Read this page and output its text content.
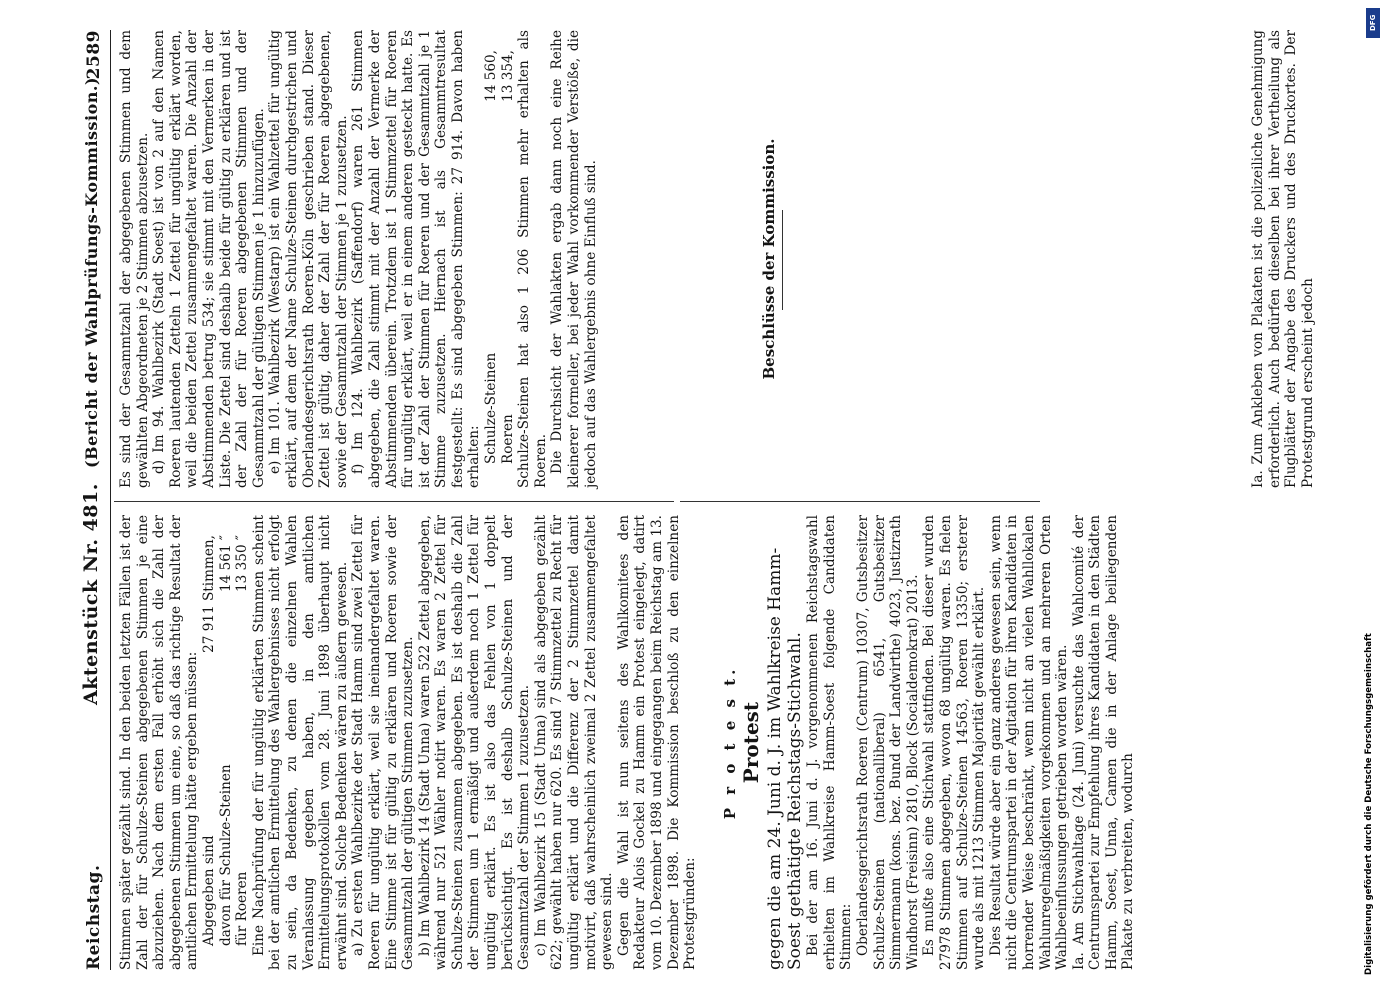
Reichstag.
Aktenstück Nr. 481. (Bericht der Wahlprüfungs-Kommission.)
2589

Stimmen später gezählt sind. In den beiden letzten Fällen ist der Zahl der für Schulze-Steinen abgegebenen Stimmen je eine abzuziehen. Nach dem ersten Fall erhöht sich die Zahl der abgegebenen Stimmen um eine, so daß das richtige Resultat der amtlichen Ermittelung hätte ergeben müssen: Abgegeben sind
27 911 Stimmen,
davon für Schulze-Steinen
14 561 ″
für Roeren
13 350 ″ Eine Nachprüfung der für ungültig erklärten Stimmen scheint bei der amtlichen Ermittelung des Wahlergebnisses nicht erfolgt zu sein, da Bedenken, zu denen die einzelnen Wahlen Veranlassung gegeben haben, in den amtlichen Ermittelungsprotokollen vom 28. Juni 1898 überhaupt nicht erwähnt sind. Solche Bedenken wären zu äußern gewesen. a) Zu ersten Wahlbezirke der Stadt Hamm sind zwei Zettel für Roeren für ungültig erklärt, weil sie ineinandergefaltet waren. Eine Stimme ist für gültig zu erklären und Roeren sowie der Gesammtzahl der gültigen Stimmen zuzusetzen. b) Im Wahlbezirk 14 (Stadt Unna) waren 522 Zettel abgegeben, während nur 521 Wähler notirt waren. Es waren 2 Zettel für Schulze-Steinen zusammen abgegeben. Es ist deshalb die Zahl der Stimmen um 1 ermäßigt und außerdem noch 1 Zettel für ungültig erklärt. Es ist also das Fehlen von 1 doppelt berücksichtigt. Es ist deshalb Schulze-Steinen und der Gesammtzahl der Stimmen 1 zuzusetzen. c) Im Wahlbezirk 15 (Stadt Unna) sind als abgegeben gezählt 622; gewählt haben nur 620. Es sind 7 Stimmzettel zu Recht für ungültig erklärt und die Differenz der 2 Stimmzettel damit motivirt, daß wahrscheinlich zweimal 2 Zettel zusammengefaltet gewesen sind. Gegen die Wahl ist nun seitens des Wahlkomitees den Redakteur Alois Gockel zu Hamm ein Protest eingelegt, datirt vom 10. Dezember 1898 und eingegangen beim Reichstag am 13. Dezember 1898. Die Kommission beschloß zu den einzelnen Protestgründen:

Es sind der Gesammtzahl der abgegebenen Stimmen und dem gewählten Abgeordneten je 2 Stimmen abzusetzen. d) Im 94. Wahlbezirk (Stadt Soest) ist von 2 auf den Namen Roeren lautenden Zetteln 1 Zettel für ungültig erklärt worden, weil die beiden Zettel zusammengefaltet waren. Die Anzahl der Abstimmenden betrug 534; sie stimmt mit den Vermerken in der Liste. Die Zettel sind deshalb beide für gültig zu erklären und ist der Zahl der für Roeren abgegebenen Stimmen und der Gesammtzahl der gültigen Stimmen je 1 hinzuzufügen. e) Im 101. Wahlbezirk (Westarp) ist ein Wahlzettel für ungültig erklärt, auf dem der Name Schulze-Steinen durchgestrichen und Oberlandesgerichtsrath Roeren-Köln geschrieben stand. Dieser Zettel ist gültig, daher der Zahl der für Roeren abgegebenen, sowie der Gesammtzahl der Stimmen je 1 zuzusetzen. f) Im 124. Wahlbezirk (Saffendorf) waren 261 Stimmen abgegeben, die Zahl stimmt mit der Anzahl der Vermerke der Abstimmenden überein. Trotzdem ist 1 Stimmzettel für Roeren für ungültig erklärt, weil er in einem anderen gesteckt hatte. Es ist der Zahl der Stimmen für Roeren und der Gesammtzahl je 1 Stimme zuzusetzen. Hiernach ist als Gesammtresultat festgestellt: Es sind abgegeben Stimmen: 27 914. Davon haben erhalten: Schulze-Steinen
14 560,
Roeren
13 354, Schulze-Steinen hat also 1 206 Stimmen mehr erhalten als Roeren. Die Durchsicht der Wahlakten ergab dann noch eine Reihe kleinerer formeller, bei jeder Wahl vorkommender Verstöße, die jedoch auf das Wahlergebnis ohne Einfluß sind.	Beschlüsse der Kommission.
P r o t e s t. Protest gegen die am 24. Juni d. J. im Wahlkreise Hamm-Soest gethätigte Reichstags-Stichwahl. Bei der am 16. Juni d. J. vorgenommenen Reichstagswahl erhielten im Wahlkreise Hamm-Soest folgende Candidaten Stimmen: Oberlandesgerichtsrath Roeren (Centrum) 10307, Gutsbesitzer Schulze-Steinen (nationalliberal) 6541, Gutsbesitzer Simmermann (kons. bez. Bund der Landwirthe) 4023, Justizrath Windhorst (Freisinn) 2810, Block (Socialdemokrat) 2013. Es mußte also eine Stichwahl stattfinden. Bei dieser wurden 27978 Stimmen abgegeben, wovon 68 ungültig waren. Es fielen Stimmen auf Schulze-Steinen 14563, Roeren 13350; ersterer wurde als mit 1213 Stimmen Majorität gewählt erklärt. Dies Resultat würde aber ein ganz anderes gewesen sein, wenn nicht die Centrumspartei in der Agitation für ihren Kandidaten in horrender Weise beschränkt, wenn nicht an vielen Wahllokalen Wahlunregelmäßigkeiten vorgekommen und an mehreren Orten Wahlbeeinflussungen getrieben worden wären. Ia. Am Stichwahltage (24. Juni) versuchte das Wahlcomité der Centrumspartei zur Empfehlung ihres Kandidaten in den Städten Hamm, Soest, Unna, Camen die in der Anlage beiliegenden Plakate zu verbreiten, wodurch

Ia. Zum Ankleben von Plakaten ist die polizeiliche Genehmigung erforderlich. Auch bedürfen dieselben bei ihrer Vertheilung als Flugblätter der Angabe des Druckers und des Druckortes. Der Protestgrund erscheint jedoch

Digitalisierung gefördert durch die Deutsche Forschungsgemeinschaft
DFG
